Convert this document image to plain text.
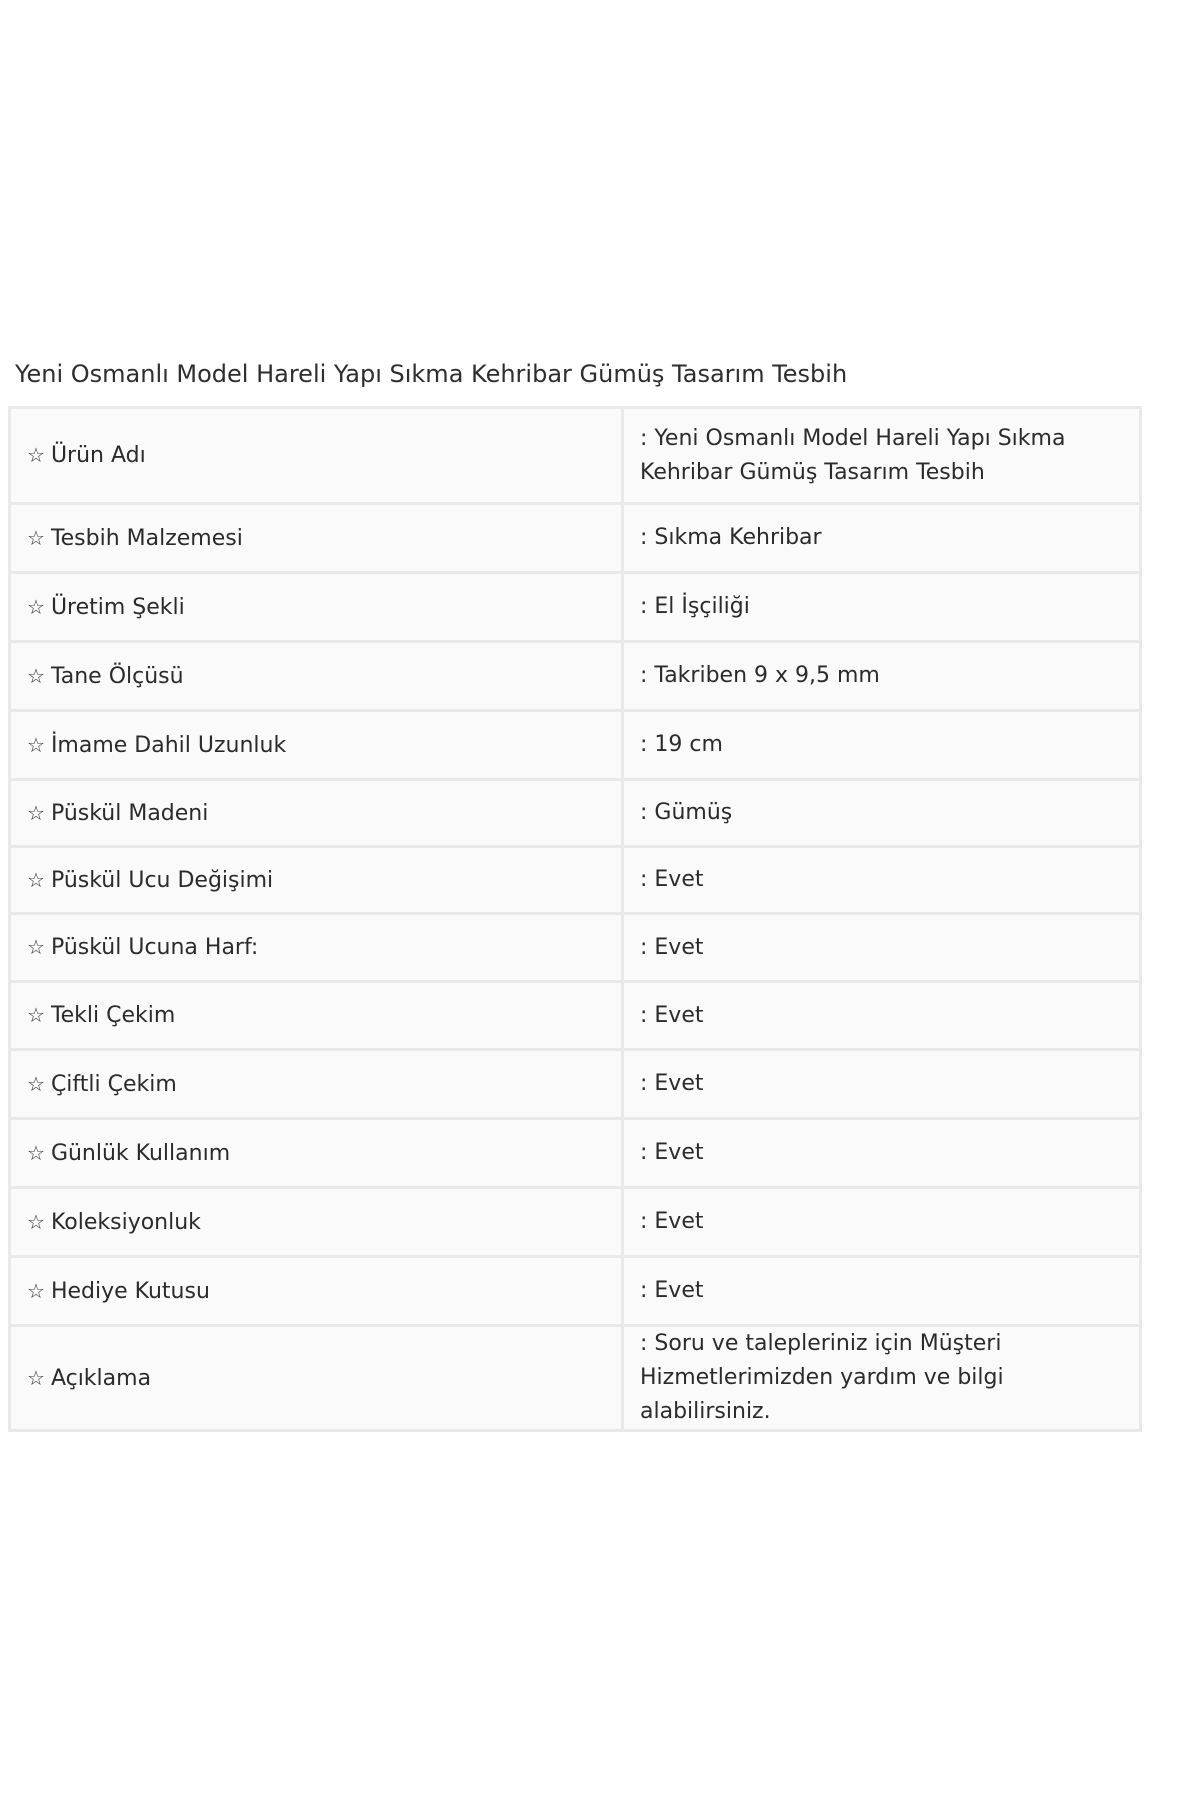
Yeni Osmanlı Model Hareli Yapı Sıkma Kehribar Gümüş Tasarım Tesbih
☆ Ürün Adı	: Yeni Osmanlı Model Hareli Yapı Sıkma Kehribar Gümüş Tasarım Tesbih
☆ Tesbih Malzemesi	: Sıkma Kehribar
☆ Üretim Şekli	: El İşçiliği
☆ Tane Ölçüsü	: Takriben 9 x 9,5 mm
☆ İmame Dahil Uzunluk	: 19 cm
☆ Püskül Madeni	: Gümüş
☆ Püskül Ucu Değişimi	: Evet
☆ Püskül Ucuna Harf:	: Evet
☆ Tekli Çekim	: Evet
☆ Çiftli Çekim	: Evet
☆ Günlük Kullanım	: Evet
☆ Koleksiyonluk	: Evet
☆ Hediye Kutusu	: Evet
☆ Açıklama	: Soru ve talepleriniz için Müşteri Hizmetlerimizden yardım ve bilgi alabilirsiniz.
